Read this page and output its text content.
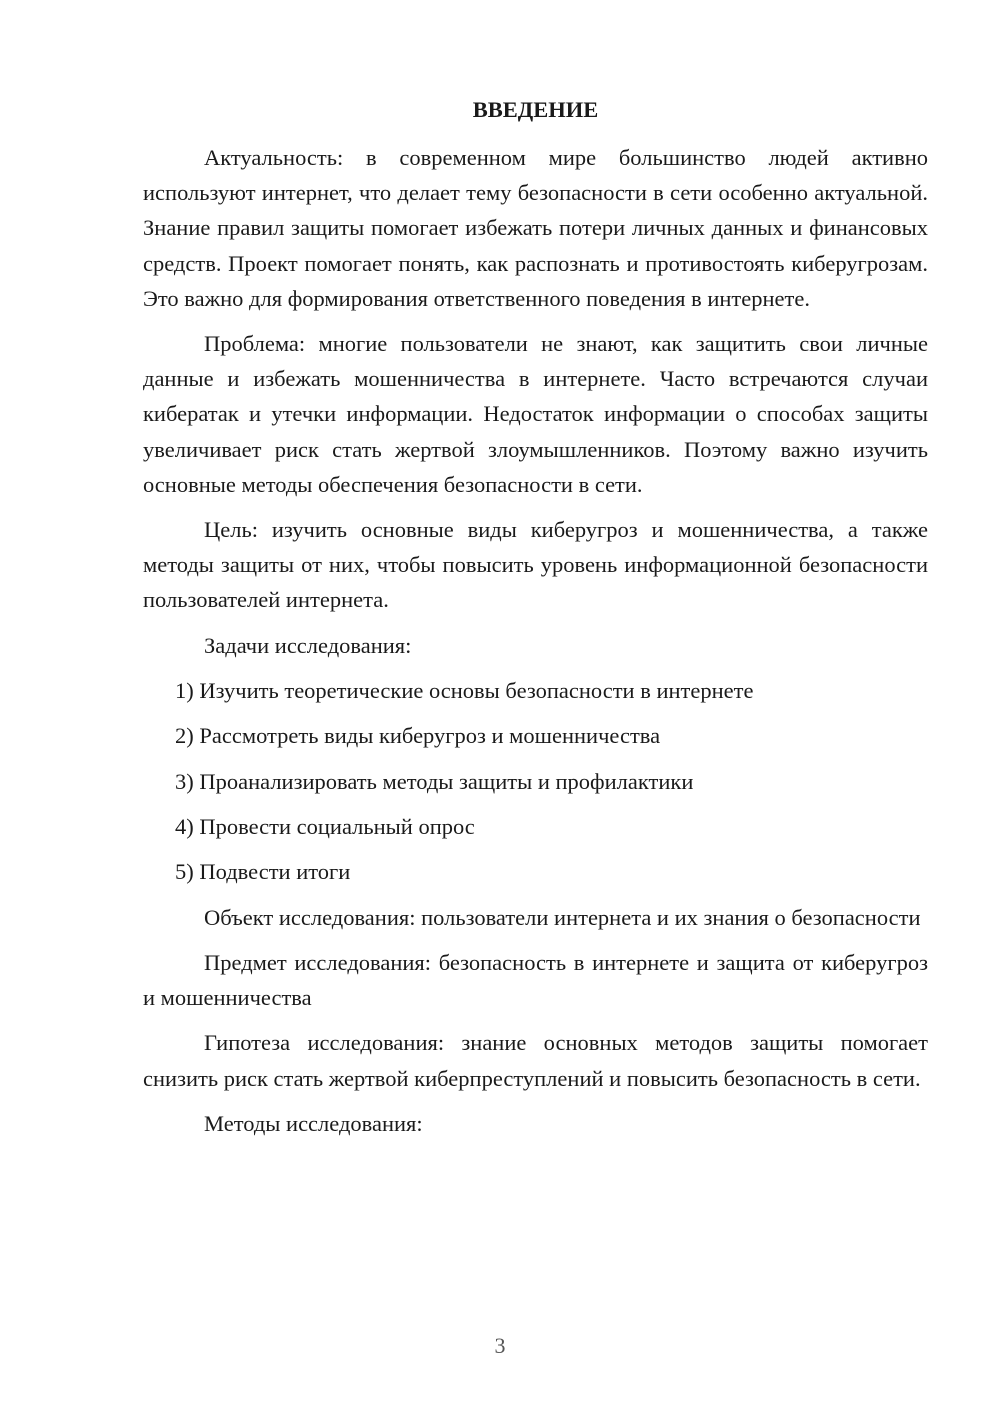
ВВЕДЕНИЕ

Актуальность: в современном мире большинство людей активно используют интернет, что делает тему безопасности в сети особенно актуальной. Знание правил защиты помогает избежать потери личных данных и финансовых средств. Проект помогает понять, как распознать и противостоять киберугрозам. Это важно для формирования ответственного поведения в интернете.

Проблема: многие пользователи не знают, как защитить свои личные данные и избежать мошенничества в интернете. Часто встречаются случаи кибератак и утечки информации. Недостаток информации о способах защиты увеличивает риск стать жертвой злоумышленников. Поэтому важно изучить основные методы обеспечения безопасности в сети.

Цель: изучить основные виды киберугроз и мошенничества, а также методы защиты от них, чтобы повысить уровень информационной безопасности пользователей интернета.

Задачи исследования:

1) Изучить теоретические основы безопасности в интернете
2) Рассмотреть виды киберугроз и мошенничества
3) Проанализировать методы защиты и профилактики
4) Провести социальный опрос
5) Подвести итоги

Объект исследования: пользователи интернета и их знания о безопасности

Предмет исследования: безопасность в интернете и защита от киберугроз и мошенничества

Гипотеза исследования: знание основных методов защиты помогает снизить риск стать жертвой киберпреступлений и повысить безопасность в сети.

Методы исследования:

3
